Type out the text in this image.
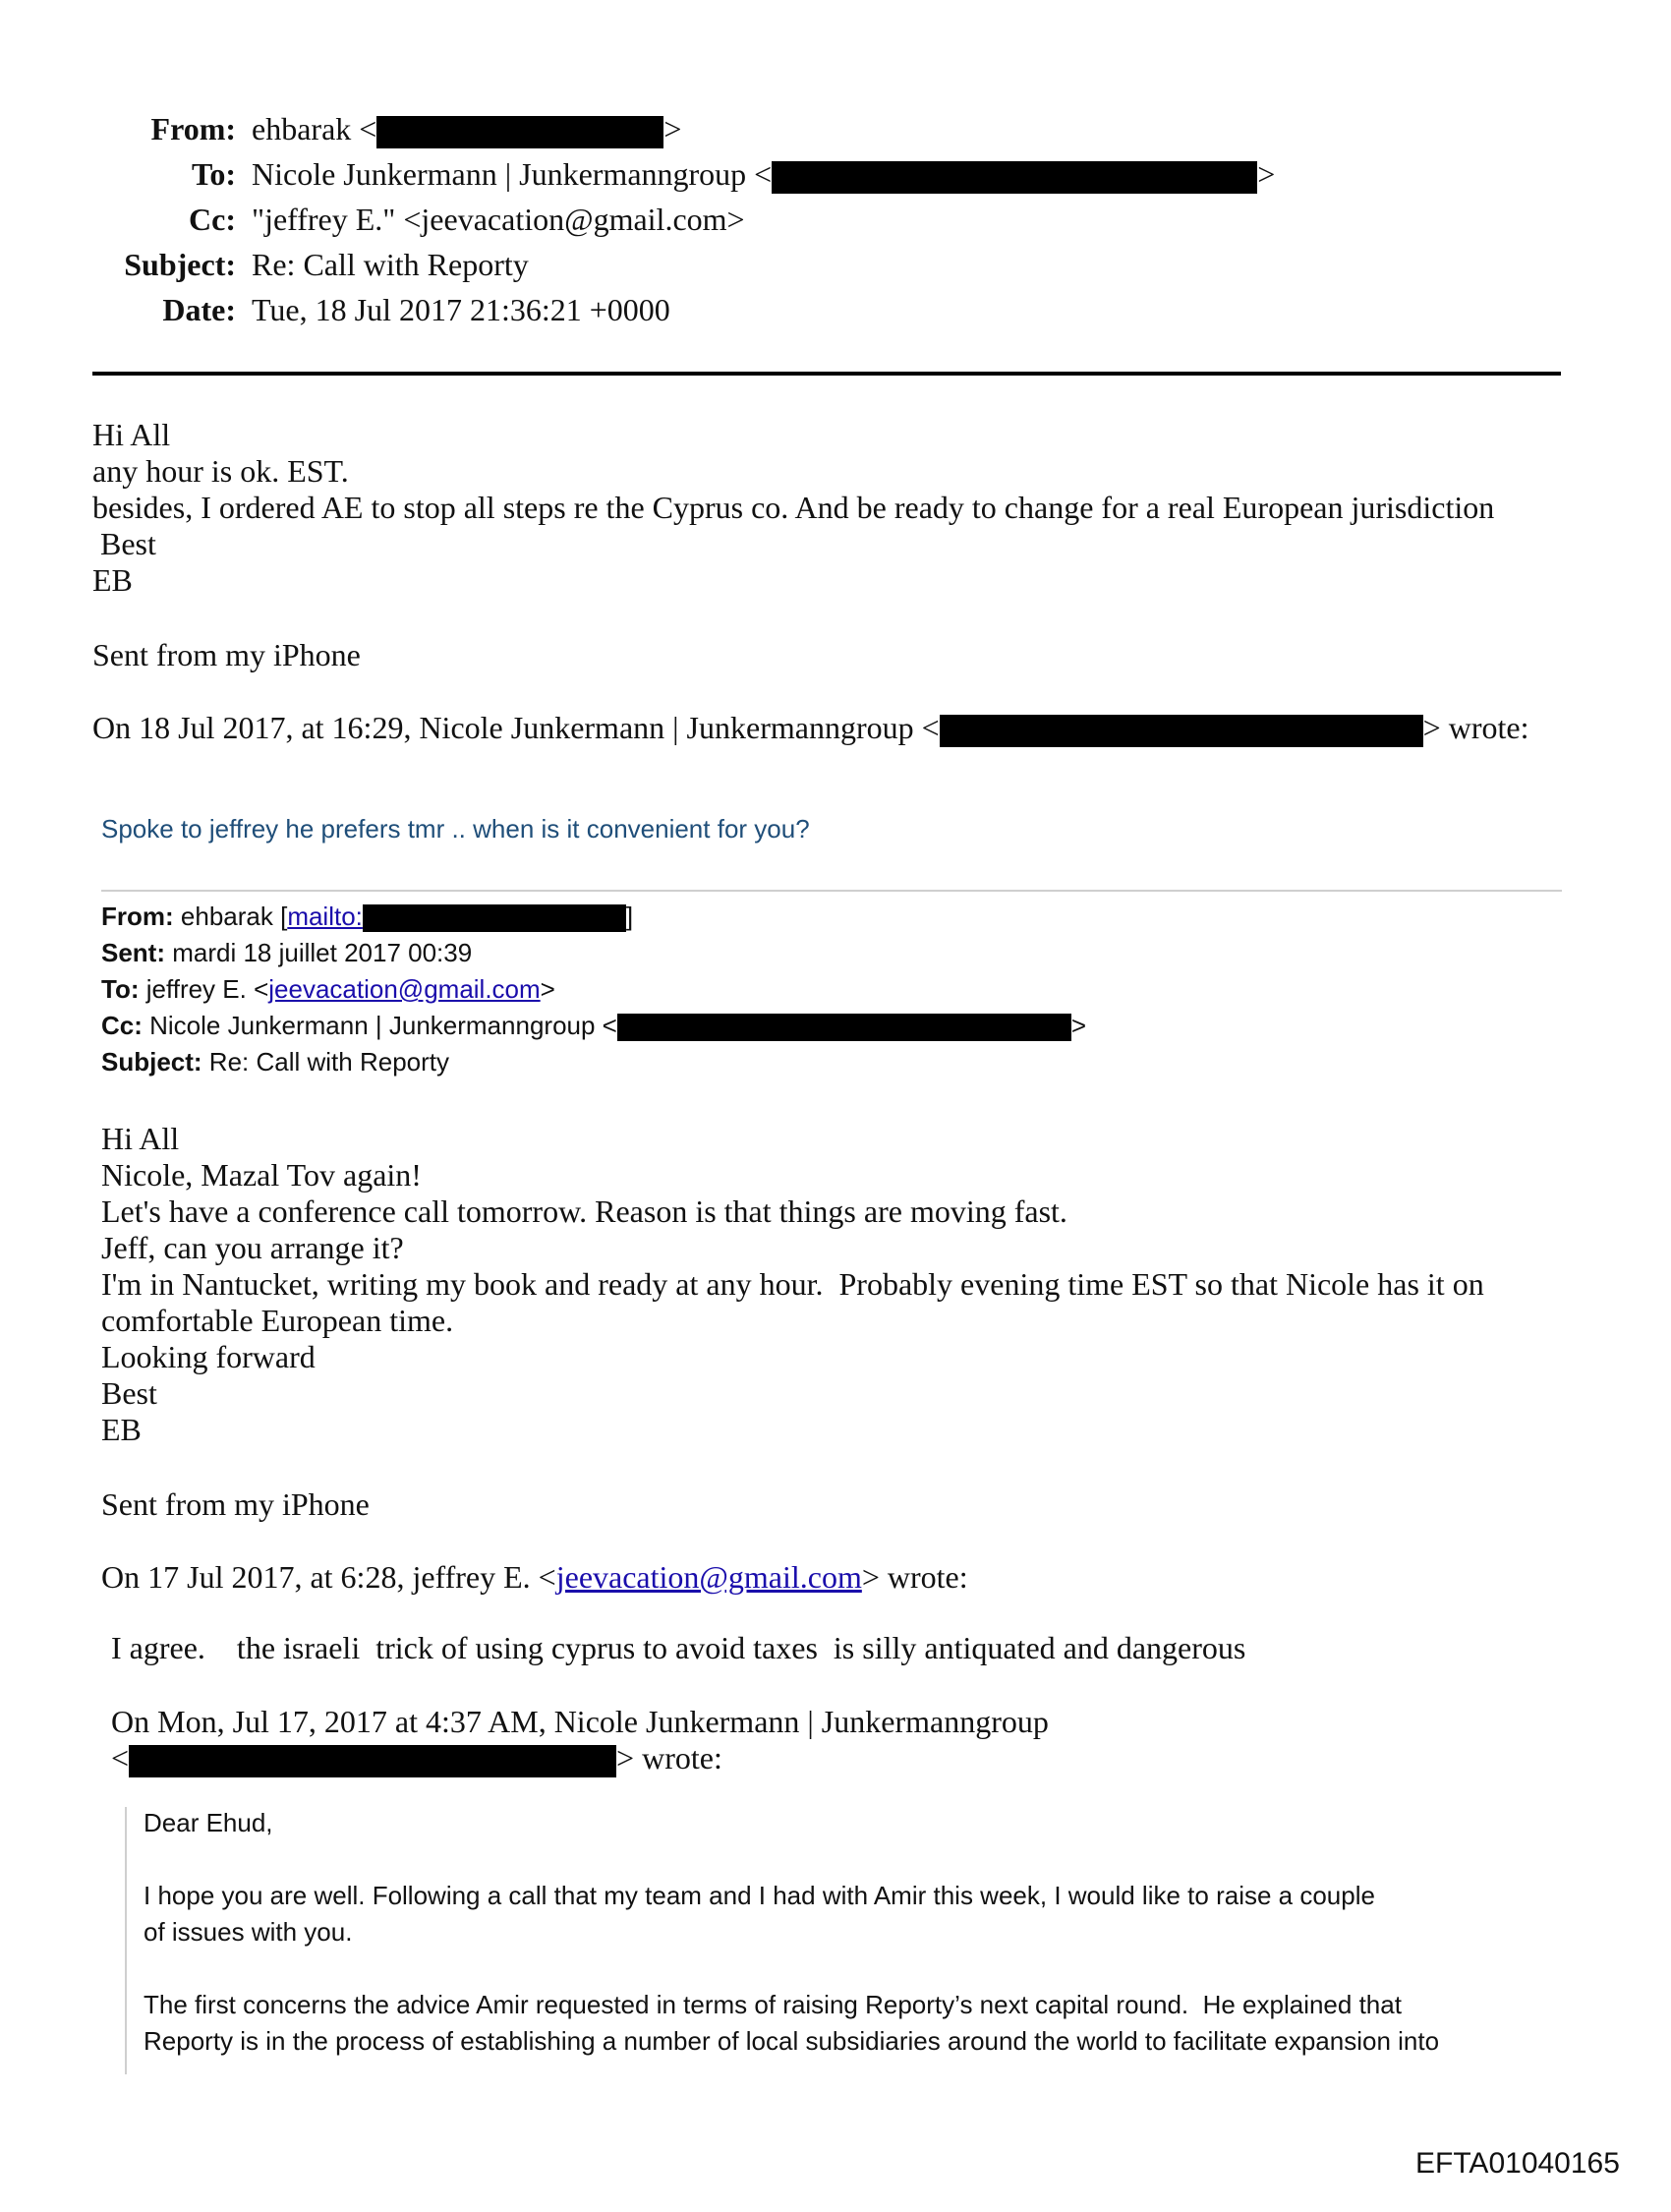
From: ehbarak <	>
To: Nicole Junkermann | Junkermanngroup <	>
Cc: "jeffrey E." <jeevacation@gmail.com>
Subject: Re: Call with Reporty
Date: Tue, 18 Jul 2017 21:36:21 +0000
Hi All
any hour is ok. EST.
besides, I ordered AE to stop all steps re the Cyprus co. And be ready to change for a real European jurisdiction
Best
EB
Sent from my iPhone
On 18 Jul 2017, at 16:29, Nicole Junkermann | Junkermanngroup <	> wrote:
Spoke to jeffrey he prefers tmr .. when is it convenient for you?
From: ehbarak [mailto:	]
Sent: mardi 18 juillet 2017 00:39
To: jeffrey E. <jeevacation@gmail.com>
Cc: Nicole Junkermann | Junkermanngroup <	>
Subject: Re: Call with Reporty
Hi All
Nicole, Mazal Tov again!
Let's have a conference call tomorrow. Reason is that things are moving fast.
Jeff, can you arrange it?
I'm in Nantucket, writing my book and ready at any hour.  Probably evening time EST so that Nicole has it on
comfortable European time.
Looking forward
Best
EB
Sent from my iPhone
On 17 Jul 2017, at 6:28, jeffrey E. <jeevacation@gmail.com> wrote:
I agree.    the israeli  trick of using cyprus to avoid taxes  is silly antiquated and dangerous
On Mon, Jul 17, 2017 at 4:37 AM, Nicole Junkermann | Junkermanngroup
<	> wrote:
Dear Ehud,
I hope you are well. Following a call that my team and I had with Amir this week, I would like to raise a couple
of issues with you.
The first concerns the advice Amir requested in terms of raising Reporty’s next capital round.  He explained that
Reporty is in the process of establishing a number of local subsidiaries around the world to facilitate expansion into
EFTA01040165
